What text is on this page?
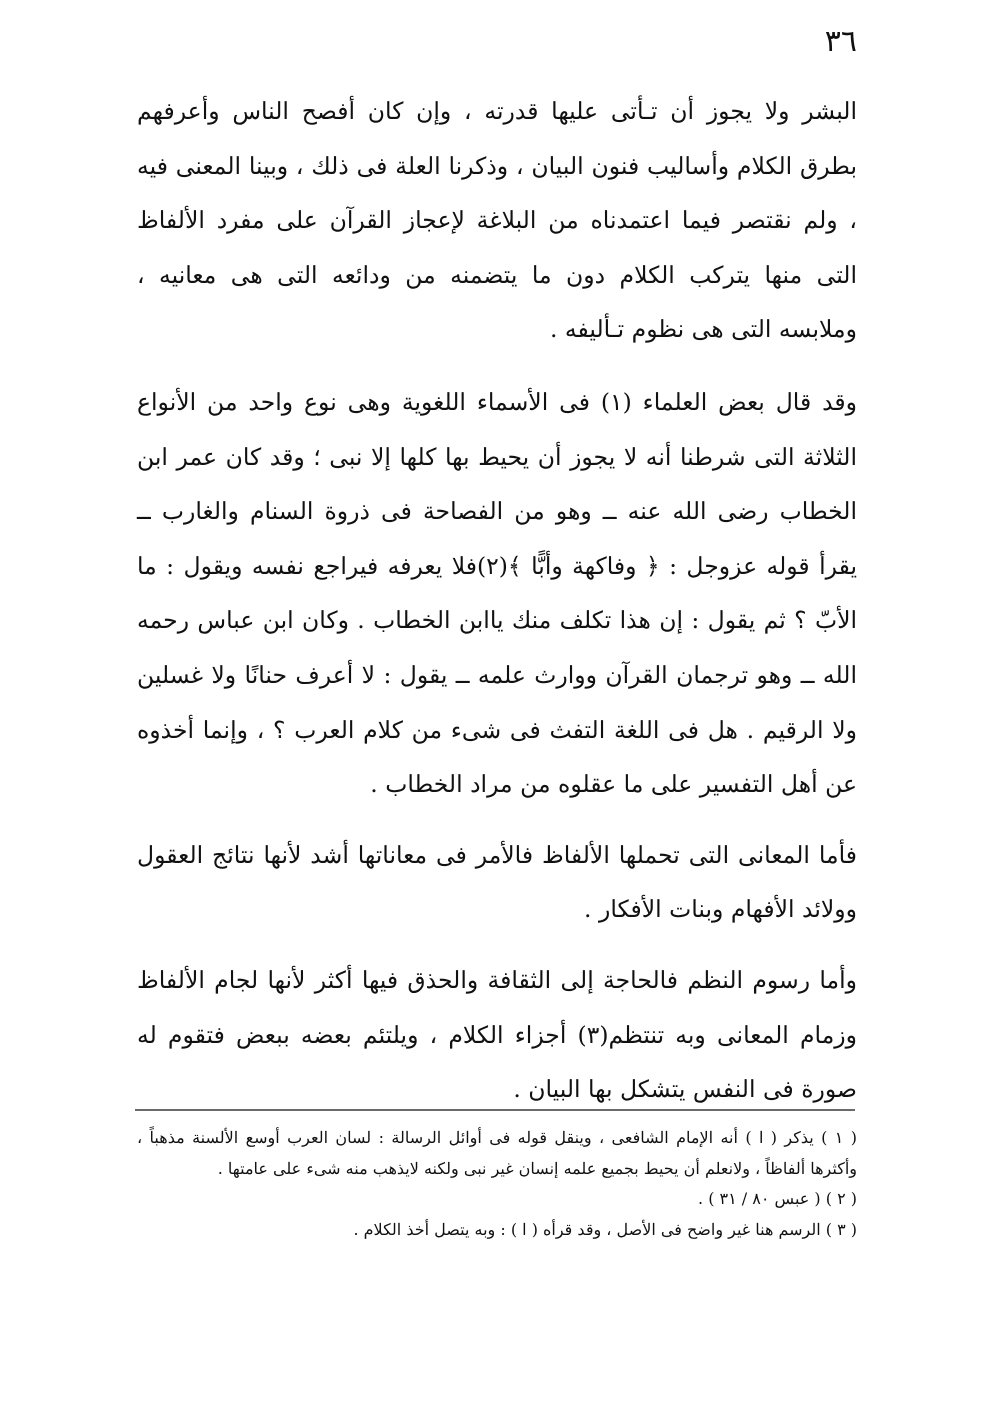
٣٦

البشر ولا يجوز أن تـأتى عليها قدرته ، وإن كان أفصح الناس وأعرفهم بطرق الكلام وأساليب فنون البيان ، وذكرنا العلة فى ذلك ، وبينا المعنى فيه ، ولم نقتصر فيما اعتمدناه من البلاغة لإعجاز القرآن على مفرد الألفاظ التى منها يتركب الكلام دون ما يتضمنه من ودائعه التى هى معانيه ، وملابسه التى هى نظوم تـأليفه .

وقد قال بعض العلماء (١) فى الأسماء اللغوية وهى نوع واحد من الأنواع الثلاثة التى شرطنا أنه لا يجوز أن يحيط بها كلها إلا نبى ؛ وقد كان عمر ابن الخطاب رضى الله عنه ــ وهو من الفصاحة فى ذروة السنام والغارب ــ يقرأ قوله عزوجل : ﴿ وفاكهة وأبًّا ﴾(٢)فلا يعرفه فيراجع نفسه ويقول : ما الأبّ ؟ ثم يقول : إن هذا تكلف منك ياابن الخطاب . وكان ابن عباس رحمه الله ــ وهو ترجمان القرآن ووارث علمه ــ يقول : لا أعرف حنانًا ولا غسلين ولا الرقيم . هل فى اللغة التفث فى شىء من كلام العرب ؟ ، وإنما أخذوه عن أهل التفسير على ما عقلوه من مراد الخطاب .

فأما المعانى التى تحملها الألفاظ فالأمر فى معاناتها أشد لأنها نتائج العقول وولائد الأفهام وبنات الأفكار .

وأما رسوم النظم فالحاجة إلى الثقافة والحذق فيها أكثر لأنها لجام الألفاظ وزمام المعانى وبه تنتظم(٣) أجزاء الكلام ، ويلتئم بعضه ببعض فتقوم له صورة فى النفس يتشكل بها البيان .

( ١ ) يذكر ( ا ) أنه الإمام الشافعى ، وينقل قوله فى أوائل الرسالة : لسان العرب أوسع الألسنة مذهباً ، وأكثرها ألفاظاً ، ولانعلم أن يحيط بجميع علمه إنسان غير نبى ولكنه لايذهب منه شىء على عامتها .

( ٢ ) ( عبس ٨٠ / ٣١ ) .

( ٣ ) الرسم هنا غير واضح فى الأصل ، وقد قرأه ( ا ) : وبه يتصل أخذ الكلام .
